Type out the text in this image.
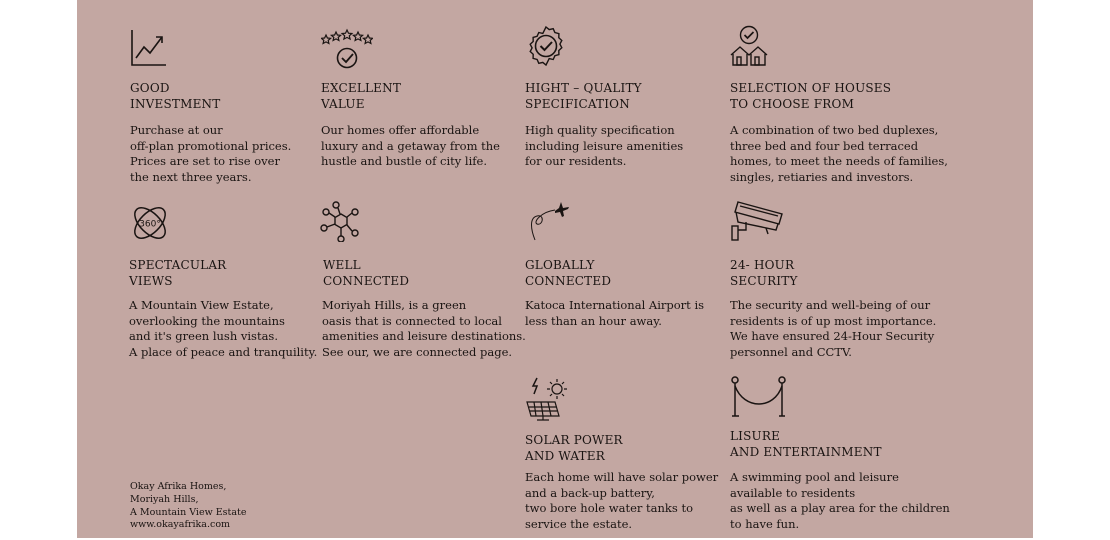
GOOD
INVESTMENT
Purchase at our
off-plan promotional prices.
Prices are set to rise over
the next three years.
EXCELLENT
VALUE
Our homes offer affordable
luxury and a getaway from the
hustle and bustle of city life.
HIGHT – QUALITY
SPECIFICATION
High quality specification
including leisure amenities
for our residents.
SELECTION OF HOUSES
TO CHOOSE FROM
A combination of two bed duplexes,
three bed and four bed terraced
homes, to meet the needs of families,
singles, retiaries and investors.
360°
SPECTACULAR
VIEWS
A Mountain View Estate,
overlooking the mountains
and it's green lush vistas.
A place of peace and tranquility.
WELL
CONNECTED
Moriyah Hills, is a green
oasis that is connected to local
amenities and leisure destinations.
See our, we are connected page.
GLOBALLY
CONNECTED
Katoca International Airport is
less than an hour away.
24- HOUR
SECURITY
The security and well-being of our
residents is of up most importance.
We have ensured 24-Hour Security
personnel and CCTV.
SOLAR POWER
AND WATER
Each home will have solar power
and a back-up battery,
two bore hole water tanks to
service the estate.
LISURE
AND ENTERTAINMENT
A swimming pool and leisure
available to residents
as well as a play area for the children
to have fun.
Okay Afrika Homes,
Moriyah Hills,
A Mountain View Estate
www.okayafrika.com
